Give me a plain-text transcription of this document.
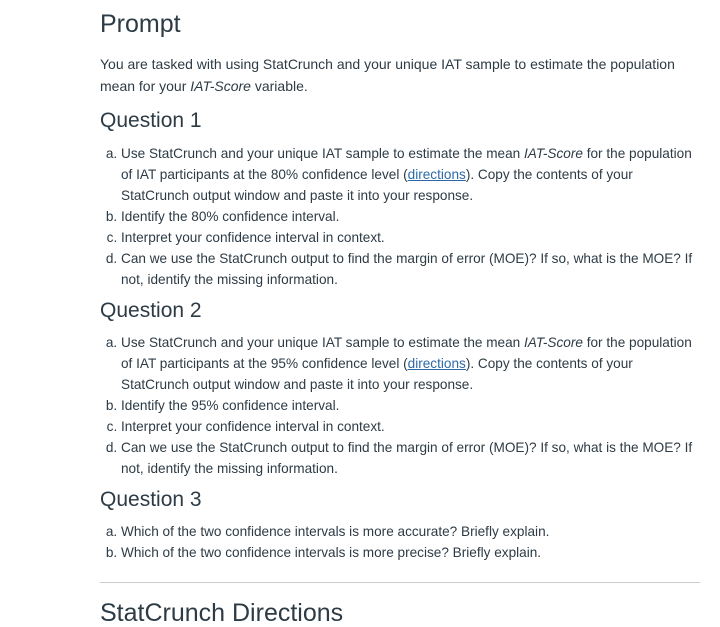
Prompt

You are tasked with using StatCrunch and your unique IAT sample to estimate the population mean for your IAT-Score variable.

Question 1
a. Use StatCrunch and your unique IAT sample to estimate the mean IAT-Score for the population of IAT participants at the 80% confidence level (directions). Copy the contents of your StatCrunch output window and paste it into your response.
b. Identify the 80% confidence interval.
c. Interpret your confidence interval in context.
d. Can we use the StatCrunch output to find the margin of error (MOE)? If so, what is the MOE? If not, identify the missing information.
Question 2
a. Use StatCrunch and your unique IAT sample to estimate the mean IAT-Score for the population of IAT participants at the 95% confidence level (directions). Copy the contents of your StatCrunch output window and paste it into your response.
b. Identify the 95% confidence interval.
c. Interpret your confidence interval in context.
d. Can we use the StatCrunch output to find the margin of error (MOE)? If so, what is the MOE? If not, identify the missing information.
Question 3
a. Which of the two confidence intervals is more accurate? Briefly explain.
b. Which of the two confidence intervals is more precise? Briefly explain.
StatCrunch Directions
